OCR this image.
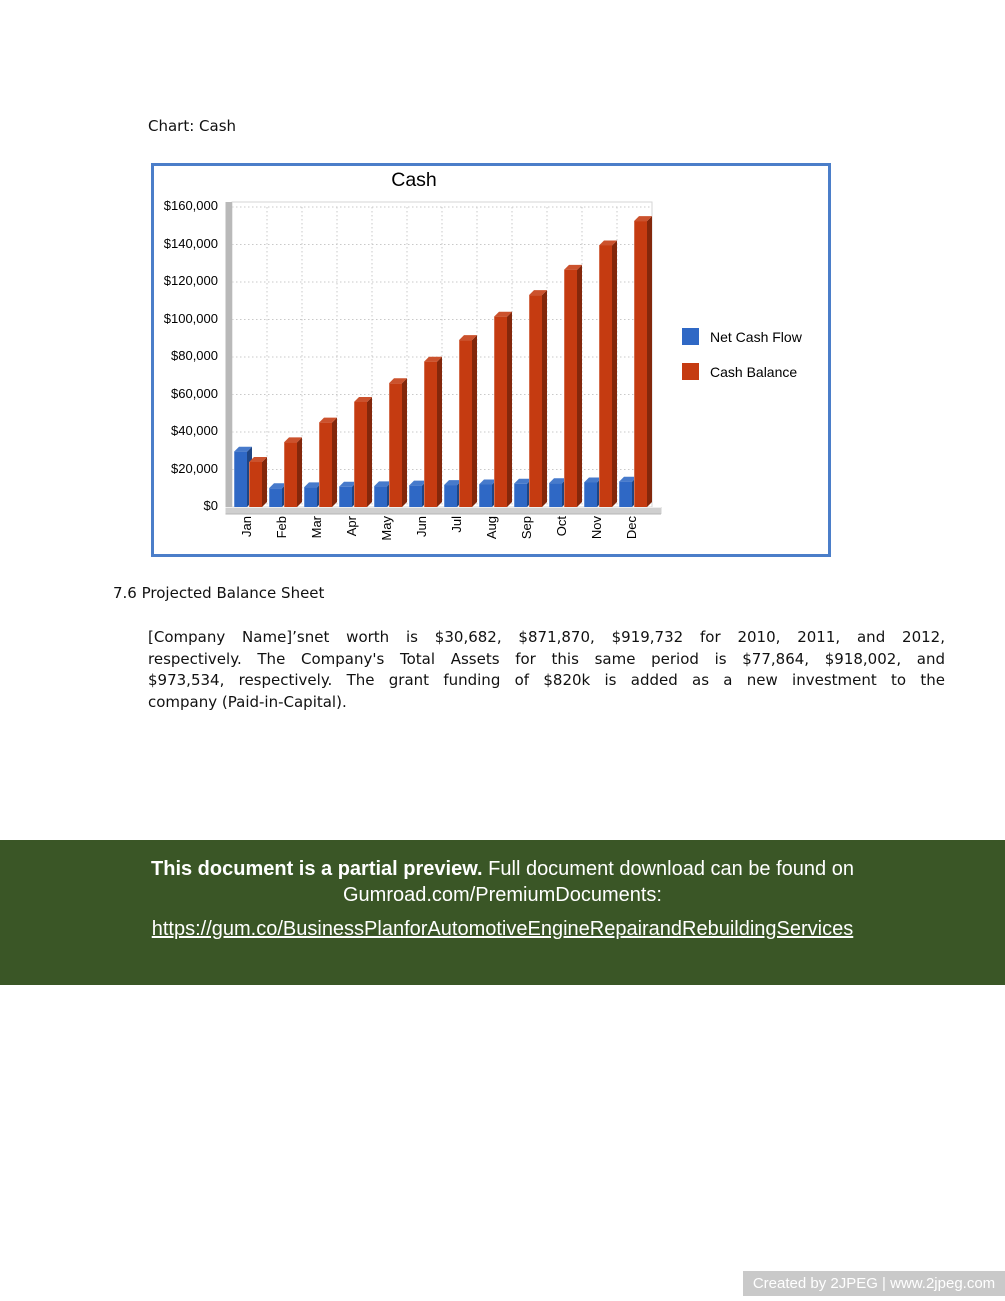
Chart: Cash
Cash
$0
$20,000
$40,000
$60,000
$80,000
$100,000
$120,000
$140,000
$160,000
Jan Feb Mar Apr May Jun Jul Aug Sep Oct Nov Dec
Net Cash Flow
Cash Balance
7.6 Projected Balance Sheet
[Company Name]’snet worth is $30,682, $871,870, $919,732 for 2010, 2011, and 2012,
respectively. The Company's Total Assets for this same period is $77,864, $918,002, and
$973,534, respectively. The grant funding of $820k is added as a new investment to the
company (Paid-in-Capital).
This document is a partial preview. Full document download can be found on
Gumroad.com/PremiumDocuments:
https://gum.co/BusinessPlanforAutomotiveEngineRepairandRebuildingServices
Created by 2JPEG | www.2jpeg.com
